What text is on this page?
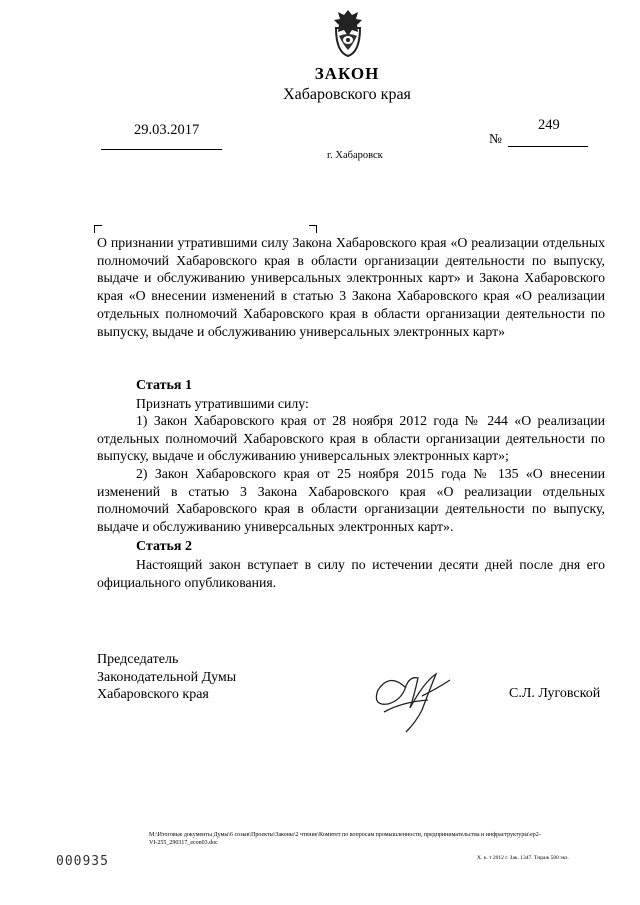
ЗАКОН
Хабаровского края
29.03.2017	249
№
г. Хабаровск

О признании утратившими силу Закона Хабаровского края «О реализации отдельных полномочий Хабаровского края в области организации деятельности по выпуску, выдаче и обслуживанию универсальных электронных карт» и Закона Хабаровского края «О внесении изменений в статью 3 Закона Хабаровского края «О реализации отдельных полномочий Хабаровского края в области организации деятельности по выпуску, выдаче и обслуживанию универсальных электронных карт»

Статья 1

Признать утратившими силу:

1) Закон Хабаровского края от 28 ноября 2012 года № 244 «О реализации отдельных полномочий Хабаровского края в области организации деятельности по выпуску, выдаче и обслуживанию универсальных электронных карт»;

2) Закон Хабаровского края от 25 ноября 2015 года № 135 «О внесении изменений в статью 3 Закона Хабаровского края «О реализации отдельных полномочий Хабаровского края в области организации деятельности по выпуску, выдаче и обслуживанию универсальных электронных карт».

Статья 2

Настоящий закон вступает в силу по истечении десяти дней после дня его официального опубликования.

Председатель
Законодательной Думы
Хабаровского края	С.Л. Луговской
M:\Итоговые документы Думы\6 созыв\Проекты\Законы\2 чтение\Комитет по вопросам промышленности, предпринимательства и инфраструктуры\ер2-
VI-255_290317_econ03.doc
Х. к. т 2012 г. Зак. 1347. Тираж 500 экз.
000935
